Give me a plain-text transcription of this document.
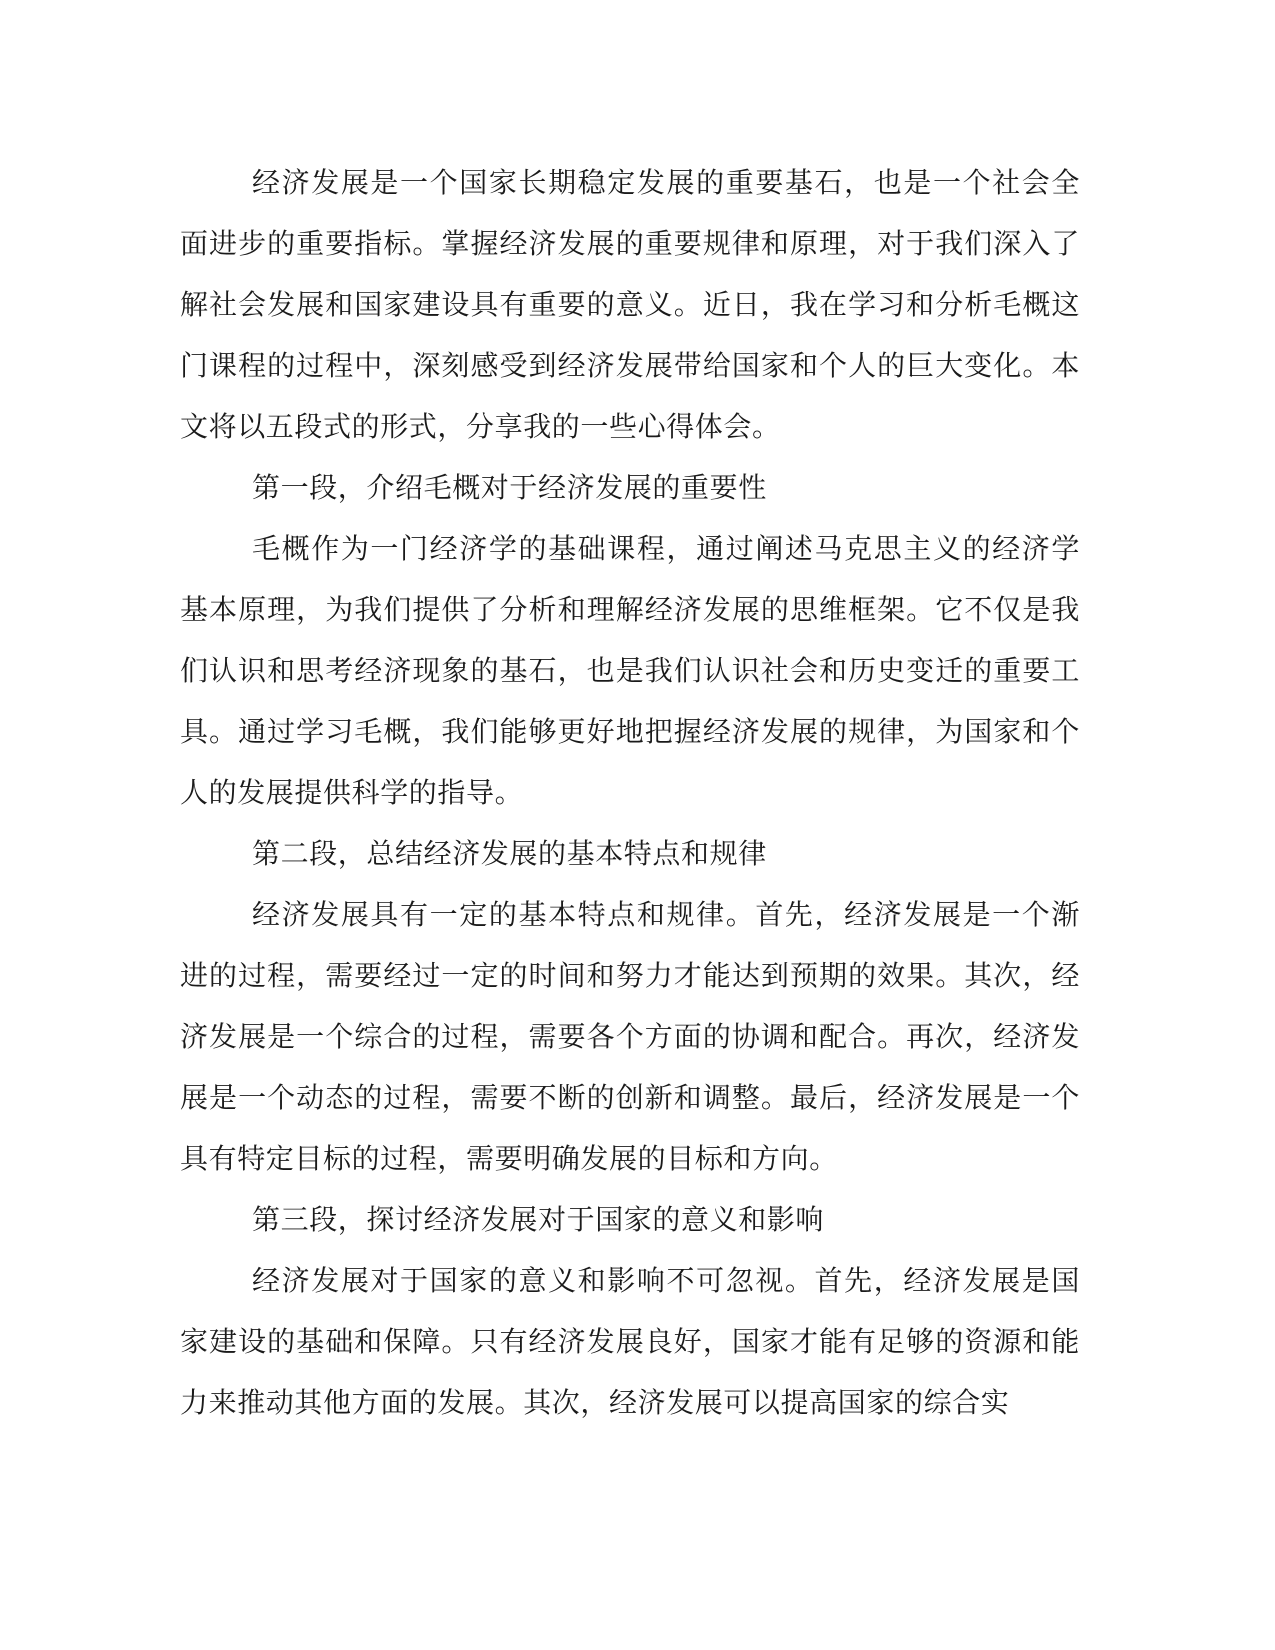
经济发展是一个国家长期稳定发展的重要基石，也是一个社会全面进步的重要指标。掌握经济发展的重要规律和原理，对于我们深入了解社会发展和国家建设具有重要的意义。近日，我在学习和分析毛概这门课程的过程中，深刻感受到经济发展带给国家和个人的巨大变化。本文将以五段式的形式，分享我的一些心得体会。

第一段，介绍毛概对于经济发展的重要性

毛概作为一门经济学的基础课程，通过阐述马克思主义的经济学基本原理，为我们提供了分析和理解经济发展的思维框架。它不仅是我们认识和思考经济现象的基石，也是我们认识社会和历史变迁的重要工具。通过学习毛概，我们能够更好地把握经济发展的规律，为国家和个人的发展提供科学的指导。

第二段，总结经济发展的基本特点和规律

经济发展具有一定的基本特点和规律。首先，经济发展是一个渐进的过程，需要经过一定的时间和努力才能达到预期的效果。其次，经济发展是一个综合的过程，需要各个方面的协调和配合。再次，经济发展是一个动态的过程，需要不断的创新和调整。最后，经济发展是一个具有特定目标的过程，需要明确发展的目标和方向。

第三段，探讨经济发展对于国家的意义和影响

经济发展对于国家的意义和影响不可忽视。首先，经济发展是国家建设的基础和保障。只有经济发展良好，国家才能有足够的资源和能力来推动其他方面的发展。其次，经济发展可以提高国家的综合实
